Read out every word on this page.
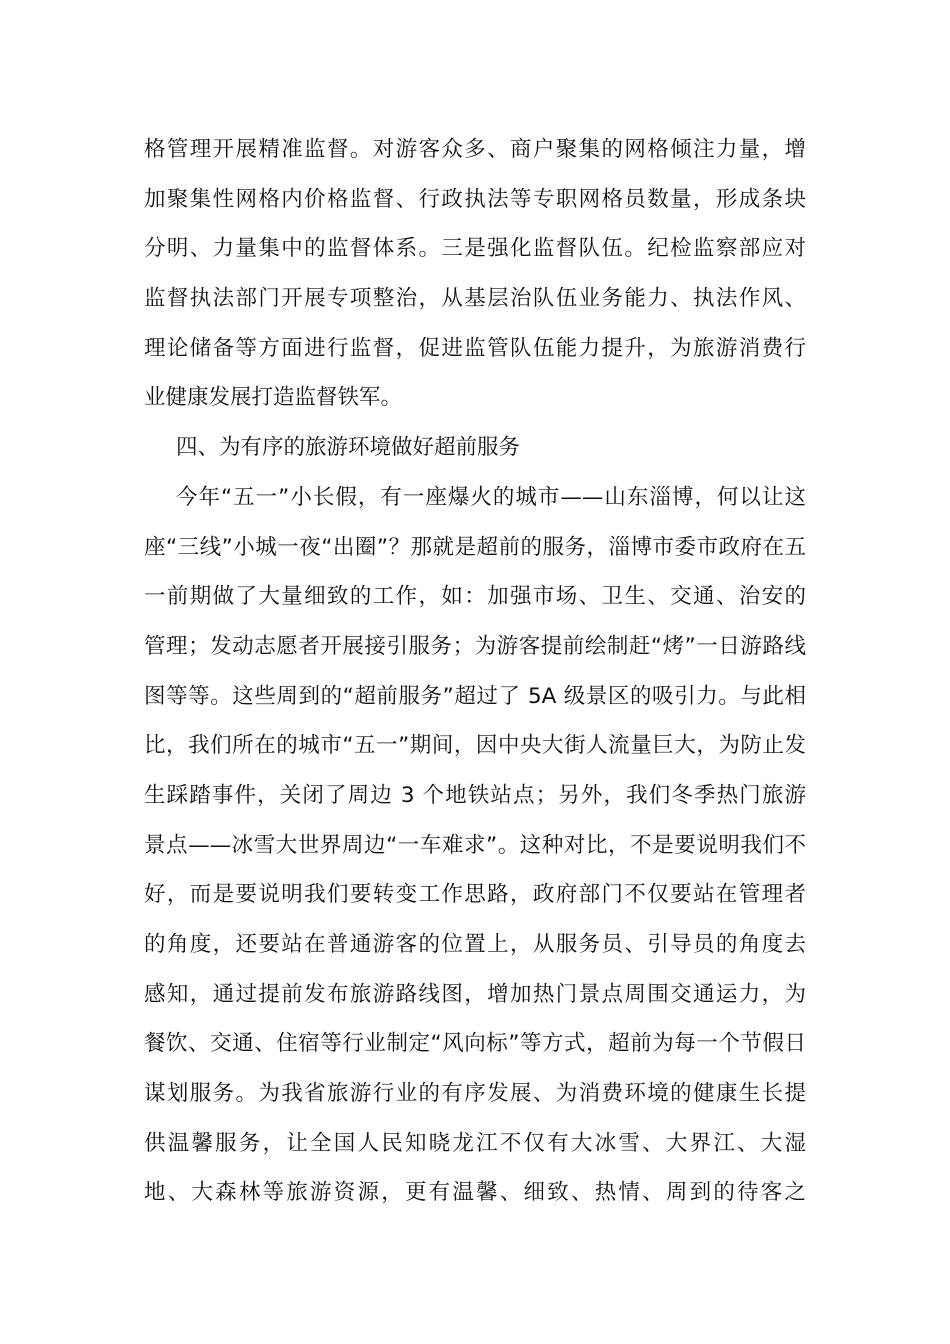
格管理开展精准监督。对游客众多、商户聚集的网格倾注力量，增
加聚集性网格内价格监督、行政执法等专职网格员数量，形成条块
分明、力量集中的监督体系。三是强化监督队伍。纪检监察部应对
监督执法部门开展专项整治，从基层治队伍业务能力、执法作风、
理论储备等方面进行监督，促进监管队伍能力提升，为旅游消费行
业健康发展打造监督铁军。
四、为有序的旅游环境做好超前服务
今年“五一”小长假，有一座爆火的城市——山东淄博，何以让这
座“三线”小城一夜“出圈”？那就是超前的服务，淄博市委市政府在五
一前期做了大量细致的工作，如：加强市场、卫生、交通、治安的
管理；发动志愿者开展接引服务；为游客提前绘制赶“烤”一日游路线
图等等。这些周到的“超前服务”超过了 5A 级景区的吸引力。与此相
比，我们所在的城市“五一”期间，因中央大街人流量巨大，为防止发
生踩踏事件，关闭了周边 3 个地铁站点；另外，我们冬季热门旅游
景点——冰雪大世界周边“一车难求”。这种对比，不是要说明我们不
好，而是要说明我们要转变工作思路，政府部门不仅要站在管理者
的角度，还要站在普通游客的位置上，从服务员、引导员的角度去
感知，通过提前发布旅游路线图，增加热门景点周围交通运力，为
餐饮、交通、住宿等行业制定“风向标”等方式，超前为每一个节假日
谋划服务。为我省旅游行业的有序发展、为消费环境的健康生长提
供温馨服务，让全国人民知晓龙江不仅有大冰雪、大界江、大湿
地、大森林等旅游资源，更有温馨、细致、热情、周到的待客之
